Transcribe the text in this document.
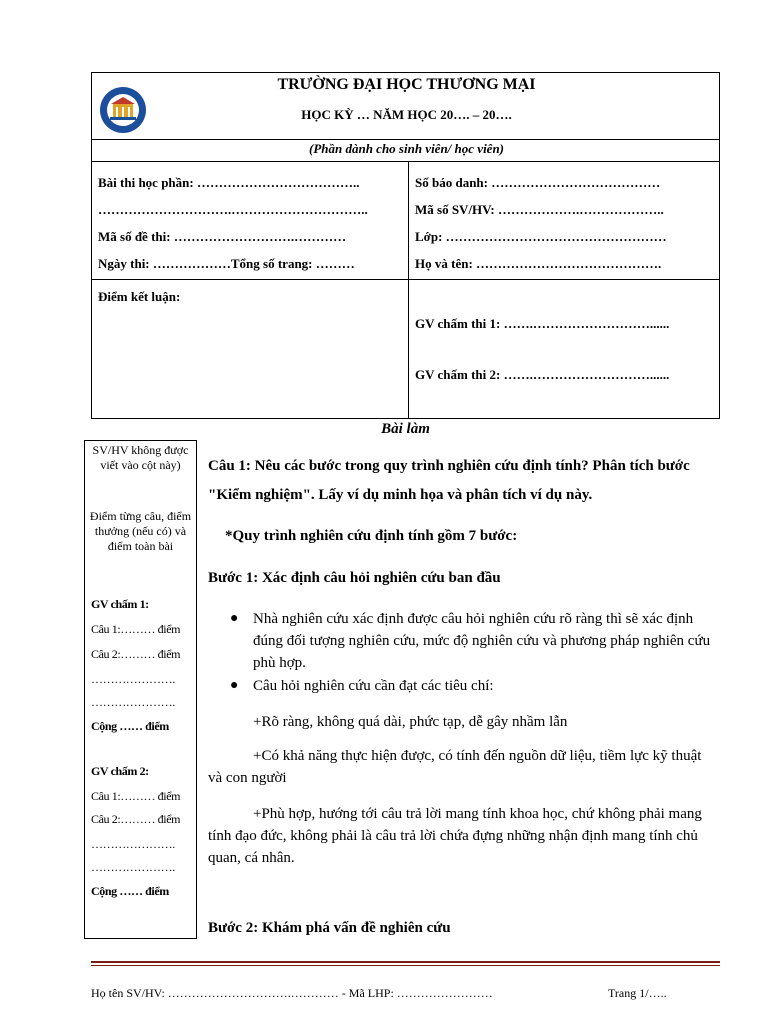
TRƯỜNG ĐẠI HỌC THƯƠNG MẠI
HỌC KỲ … NĂM HỌC 20…. – 20….
(Phần dành cho sinh viên/ học viên)
Bài thi học phần: ………………………………..
………………………….…………………………..
Mã số đề thi: ……………………….…………
Ngày thi: ………………Tổng số trang: ………
Số báo danh: …………………………………
Mã số SV/HV: ……………….………………..
Lớp: ……………………………………………
Họ và tên: …………………………………….
Điểm kết luận:
GV chấm thi 1: …….………………………......
GV chấm thi 2: …….………………………......
Bài làm
SV/HV không được viết vào cột này)
Điểm từng câu, điểm thưởng (nếu có) và điểm toàn bài
GV chấm 1:
Câu 1:……… điểm
Câu 2:……… điểm
………………….
………………….
Cộng …… điểm
GV chấm 2:
Câu 1:……… điểm
Câu 2:……… điểm
………………….
………………….
Cộng …… điểm
Câu 1: Nêu các bước trong quy trình nghiên cứu định tính? Phân tích bước "Kiểm nghiệm". Lấy ví dụ minh họa và phân tích ví dụ này.
*Quy trình nghiên cứu định tính gồm 7 bước:
Bước 1: Xác định câu hỏi nghiên cứu ban đầu
● Nhà nghiên cứu xác định được câu hỏi nghiên cứu rõ ràng thì sẽ xác định đúng đối tượng nghiên cứu, mức độ nghiên cứu và phương pháp nghiên cứu phù hợp.
● Câu hỏi nghiên cứu cần đạt các tiêu chí:
+Rõ ràng, không quá dài, phức tạp, dễ gây nhầm lẫn
+Có khả năng thực hiện được, có tính đến nguồn dữ liệu, tiềm lực kỹ thuật và con người
+Phù hợp, hướng tới câu trả lời mang tính khoa học, chứ không phải mang tính đạo đức, không phải là câu trả lời chứa đựng những nhận định mang tính chủ quan, cá nhân.
Bước 2: Khám phá vấn đề nghiên cứu
Họ tên SV/HV: ………………………….………… - Mã LHP: ……………………	Trang 1/…..
